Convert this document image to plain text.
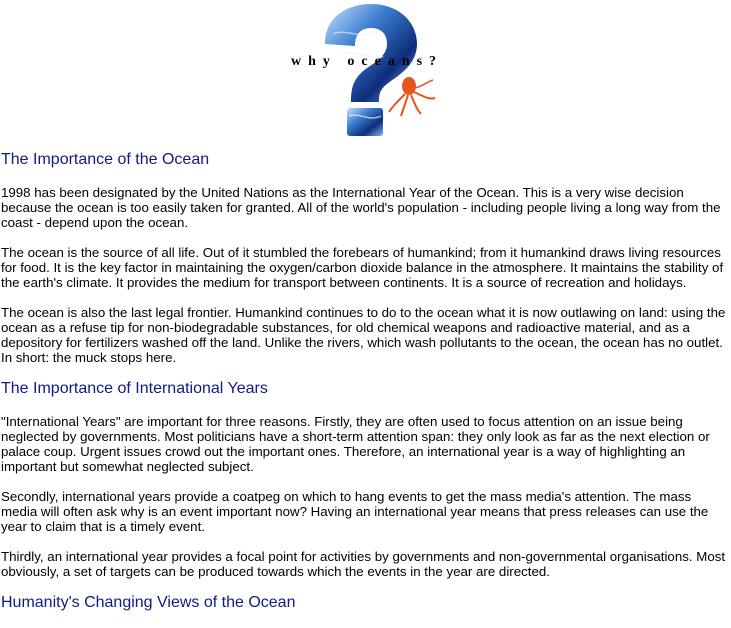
why oceans?
The Importance of the Ocean

1998 has been designated by the United Nations as the International Year of the Ocean. This is a very wise decision because the ocean is too easily taken for granted. All of the world's population - including people living a long way from the coast - depend upon the ocean.

The ocean is the source of all life. Out of it stumbled the forebears of humankind; from it humankind draws living resources for food. It is the key factor in maintaining the oxygen/carbon dioxide balance in the atmosphere. It maintains the stability of the earth's climate. It provides the medium for transport between continents. It is a source of recreation and holidays.

The ocean is also the last legal frontier. Humankind continues to do to the ocean what it is now outlawing on land: using the ocean as a refuse tip for non-biodegradable substances, for old chemical weapons and radioactive material, and as a depository for fertilizers washed off the land. Unlike the rivers, which wash pollutants to the ocean, the ocean has no outlet. In short: the muck stops here.

The Importance of International Years

"International Years" are important for three reasons. Firstly, they are often used to focus attention on an issue being neglected by governments. Most politicians have a short-term attention span: they only look as far as the next election or palace coup. Urgent issues crowd out the important ones. Therefore, an international year is a way of highlighting an important but somewhat neglected subject.

Secondly, international years provide a coatpeg on which to hang events to get the mass media's attention. The mass media will often ask why is an event important now? Having an international year means that press releases can use the year to claim that is a timely event.

Thirdly, an international year provides a focal point for activities by governments and non-governmental organisations. Most obviously, a set of targets can be produced towards which the events in the year are directed.

Humanity's Changing Views of the Ocean
